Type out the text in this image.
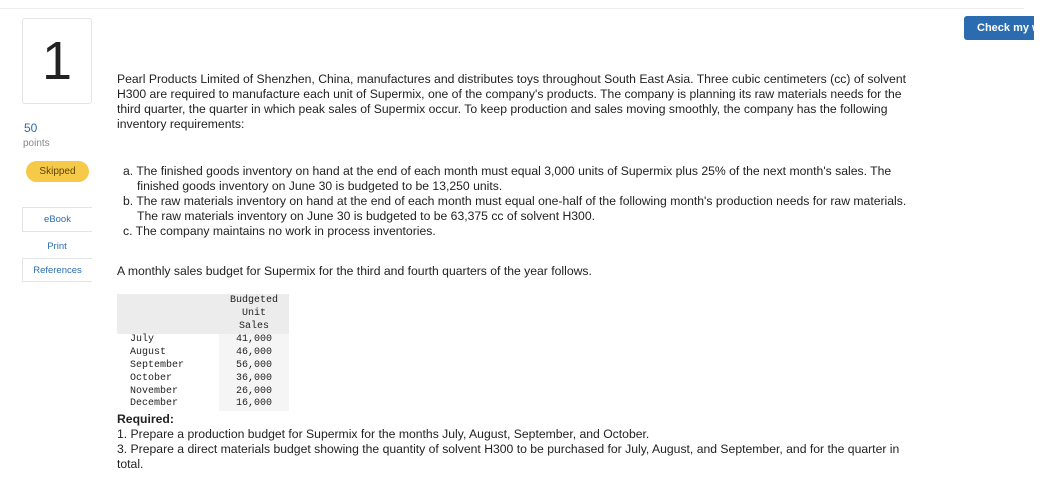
1
50
points
Skipped
eBook
Print
References
Check my work

Pearl Products Limited of Shenzhen, China, manufactures and distributes toys throughout South East Asia. Three cubic centimeters (cc) of solvent H300 are required to manufacture each unit of Supermix, one of the company's products. The company is planning its raw materials needs for the third quarter, the quarter in which peak sales of Supermix occur. To keep production and sales moving smoothly, the company has the following inventory requirements:

a. The finished goods inventory on hand at the end of each month must equal 3,000 units of Supermix plus 25% of the next month's sales. The finished goods inventory on June 30 is budgeted to be 13,250 units.
b. The raw materials inventory on hand at the end of each month must equal one-half of the following month's production needs for raw materials. The raw materials inventory on June 30 is budgeted to be 63,375 cc of solvent H300.
c. The company maintains no work in process inventories.

A monthly sales budget for Supermix for the third and fourth quarters of the year follows.

	Budgeted
Unit Sales

July	41,000
August	46,000
September	56,000
October	36,000
November	26,000
December	16,000

Required:

1. Prepare a production budget for Supermix for the months July, August, September, and October.

3. Prepare a direct materials budget showing the quantity of solvent H300 to be purchased for July, August, and September, and for the quarter in total.
